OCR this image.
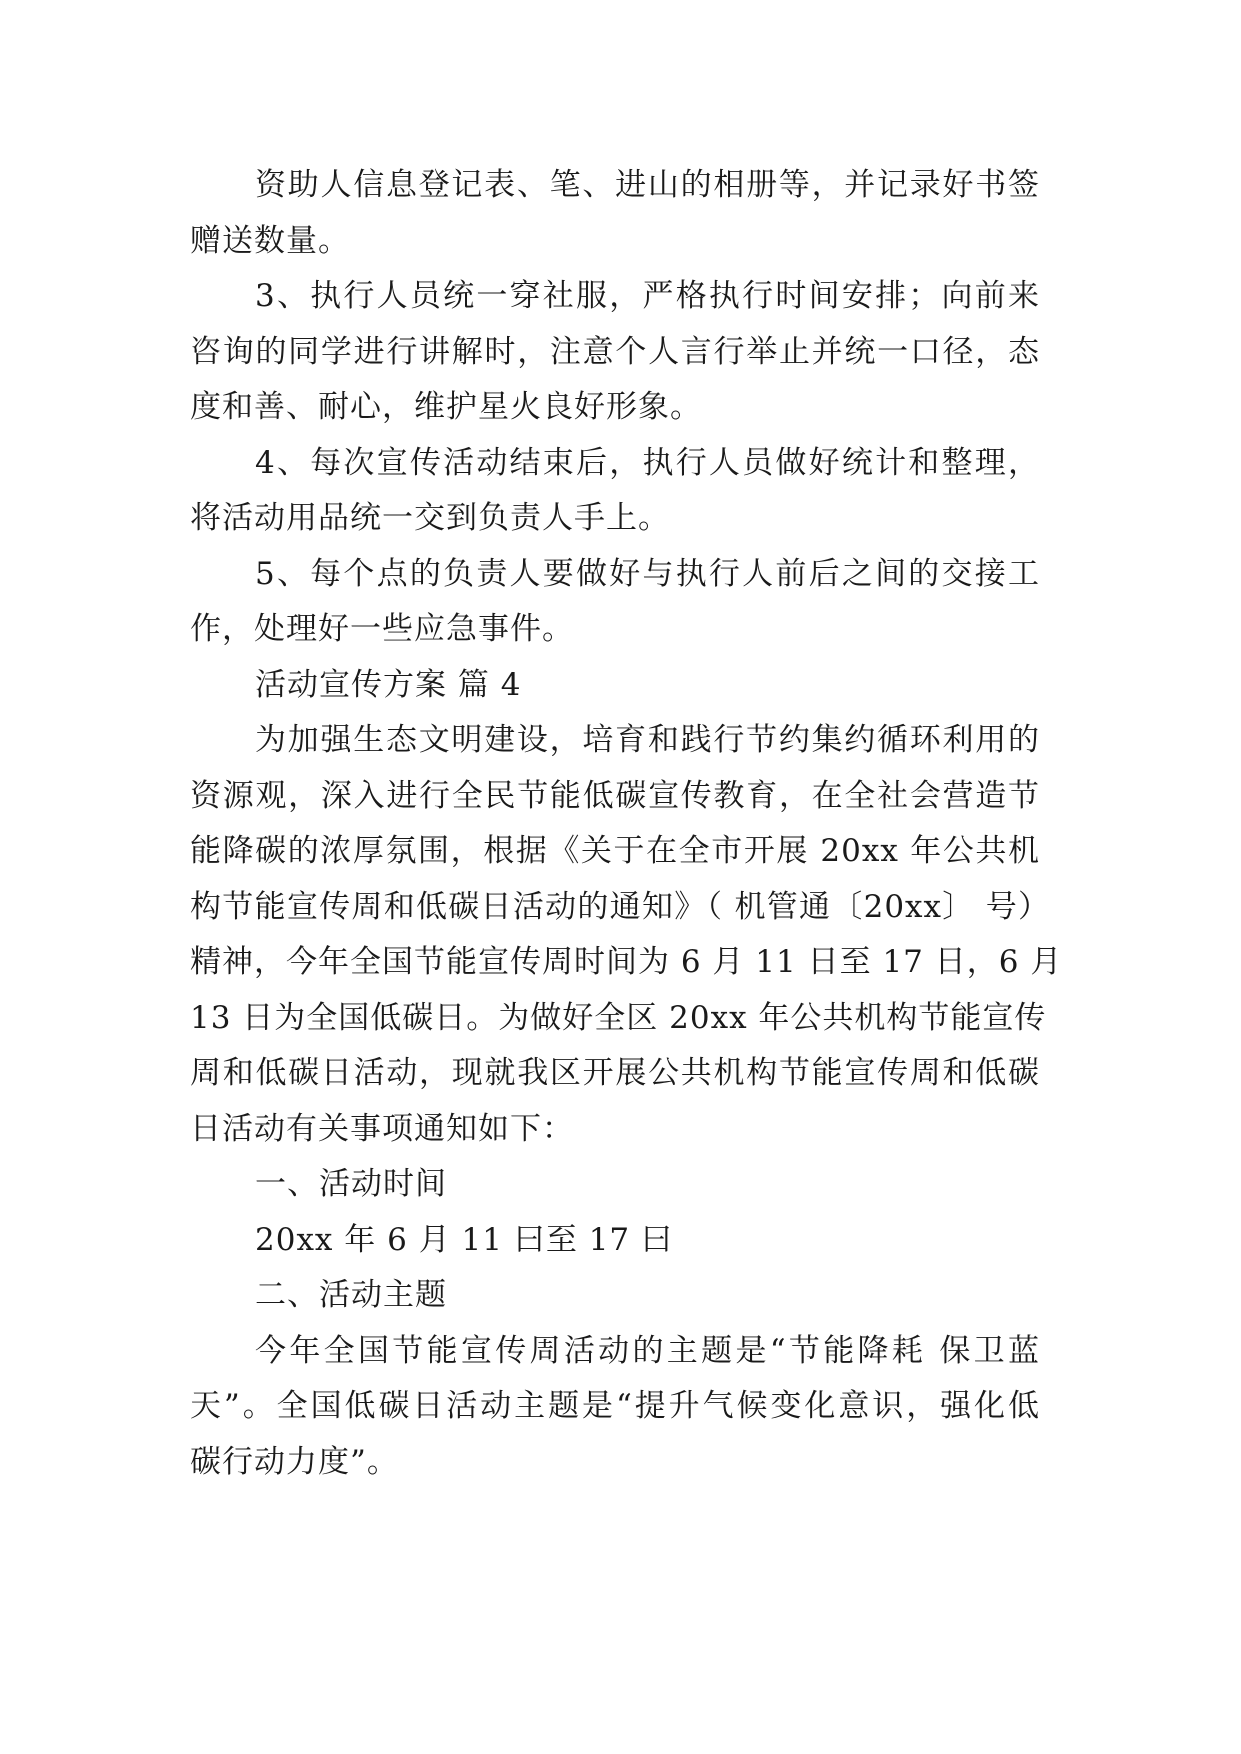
资助人信息登记表、笔、进山的相册等，并记录好书签
赠送数量。
3、执行人员统一穿社服，严格执行时间安排；向前来
咨询的同学进行讲解时，注意个人言行举止并统一口径，态
度和善、耐心，维护星火良好形象。
4、每次宣传活动结束后，执行人员做好统计和整理，
将活动用品统一交到负责人手上。
5、每个点的负责人要做好与执行人前后之间的交接工
作，处理好一些应急事件。
活动宣传方案 篇 4
为加强生态文明建设，培育和践行节约集约循环利用的
资源观，深入进行全民节能低碳宣传教育，在全社会营造节
能降碳的浓厚氛围，根据《关于在全市开展 20xx 年公共机
构节能宣传周和低碳日活动的通知》（ 机管通〔20xx〕 号）
精神，今年全国节能宣传周时间为 6 月 11 日至 17 日，6 月
13 日为全国低碳日。为做好全区 20xx 年公共机构节能宣传
周和低碳日活动，现就我区开展公共机构节能宣传周和低碳
日活动有关事项通知如下：
一、活动时间
20xx 年 6 月 11 曰至 17 曰
二、活动主题
今年全国节能宣传周活动的主题是“节能降耗 保卫蓝
天”。全国低碳日活动主题是“提升气候变化意识，强化低
碳行动力度”。
